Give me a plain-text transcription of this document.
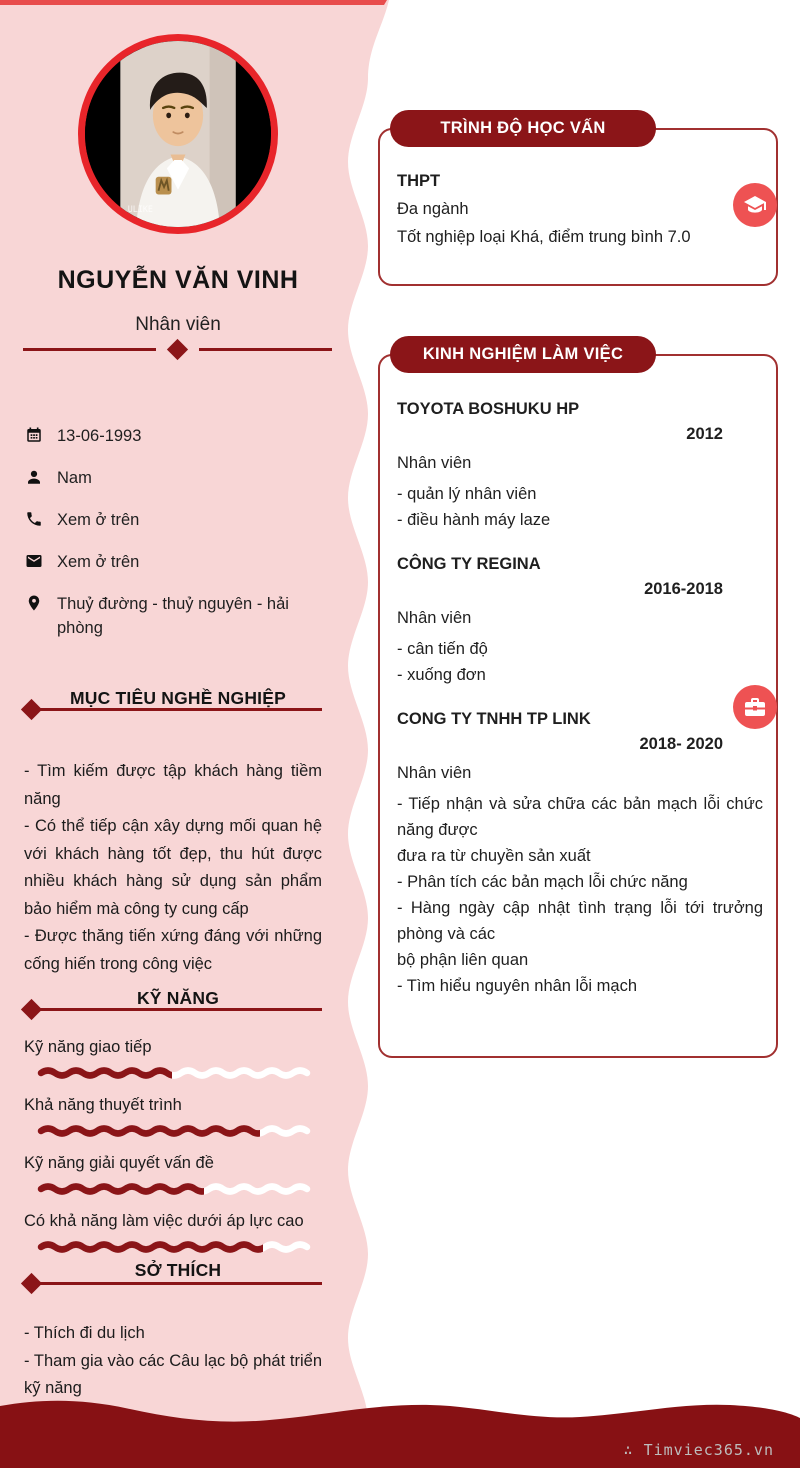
ULIKE
NGUYỄN VĂN VINH
Nhân viên
13-06-1993
Nam
Xem ở trên
Xem ở trên
Thuỷ đường - thuỷ nguyên - hải phòng
MỤC TIÊU NGHỀ NGHIỆP

- Tìm kiếm được tập khách hàng tiềm năng

- Có thể tiếp cận xây dựng mối quan hệ với khách hàng tốt đẹp, thu hút được nhiều khách hàng sử dụng sản phẩm bảo hiểm mà công ty cung cấp

- Được thăng tiến xứng đáng với những cống hiến trong công việc

KỸ NĂNG
Kỹ năng giao tiếp
Khả năng thuyết trình
Kỹ năng giải quyết vấn đề
Có khả năng làm việc dưới áp lực cao
SỞ THÍCH

- Thích đi du lịch

- Tham gia vào các Câu lạc bộ phát triển kỹ năng

TRÌNH ĐỘ HỌC VẤN
THPT
Đa ngành
Tốt nghiệp loại Khá, điểm trung bình 7.0
KINH NGHIỆM LÀM VIỆC
TOYOTA BOSHUKU HP
2012
Nhân viên
- quản lý nhân viên
- điều hành máy laze
CÔNG TY REGINA
2016-2018
Nhân viên
- cân tiến độ
- xuống đơn
CONG TY TNHH TP LINK
2018- 2020
Nhân viên
- Tiếp nhận và sửa chữa các bản mạch lỗi chức năng được
đưa ra từ chuyền sản xuất
- Phân tích các bản mạch lỗi chức năng
- Hàng ngày cập nhật tình trạng lỗi tới trưởng phòng và các
bộ phận liên quan
- Tìm hiểu nguyên nhân lỗi mạch
∴ Timviec365.vn
